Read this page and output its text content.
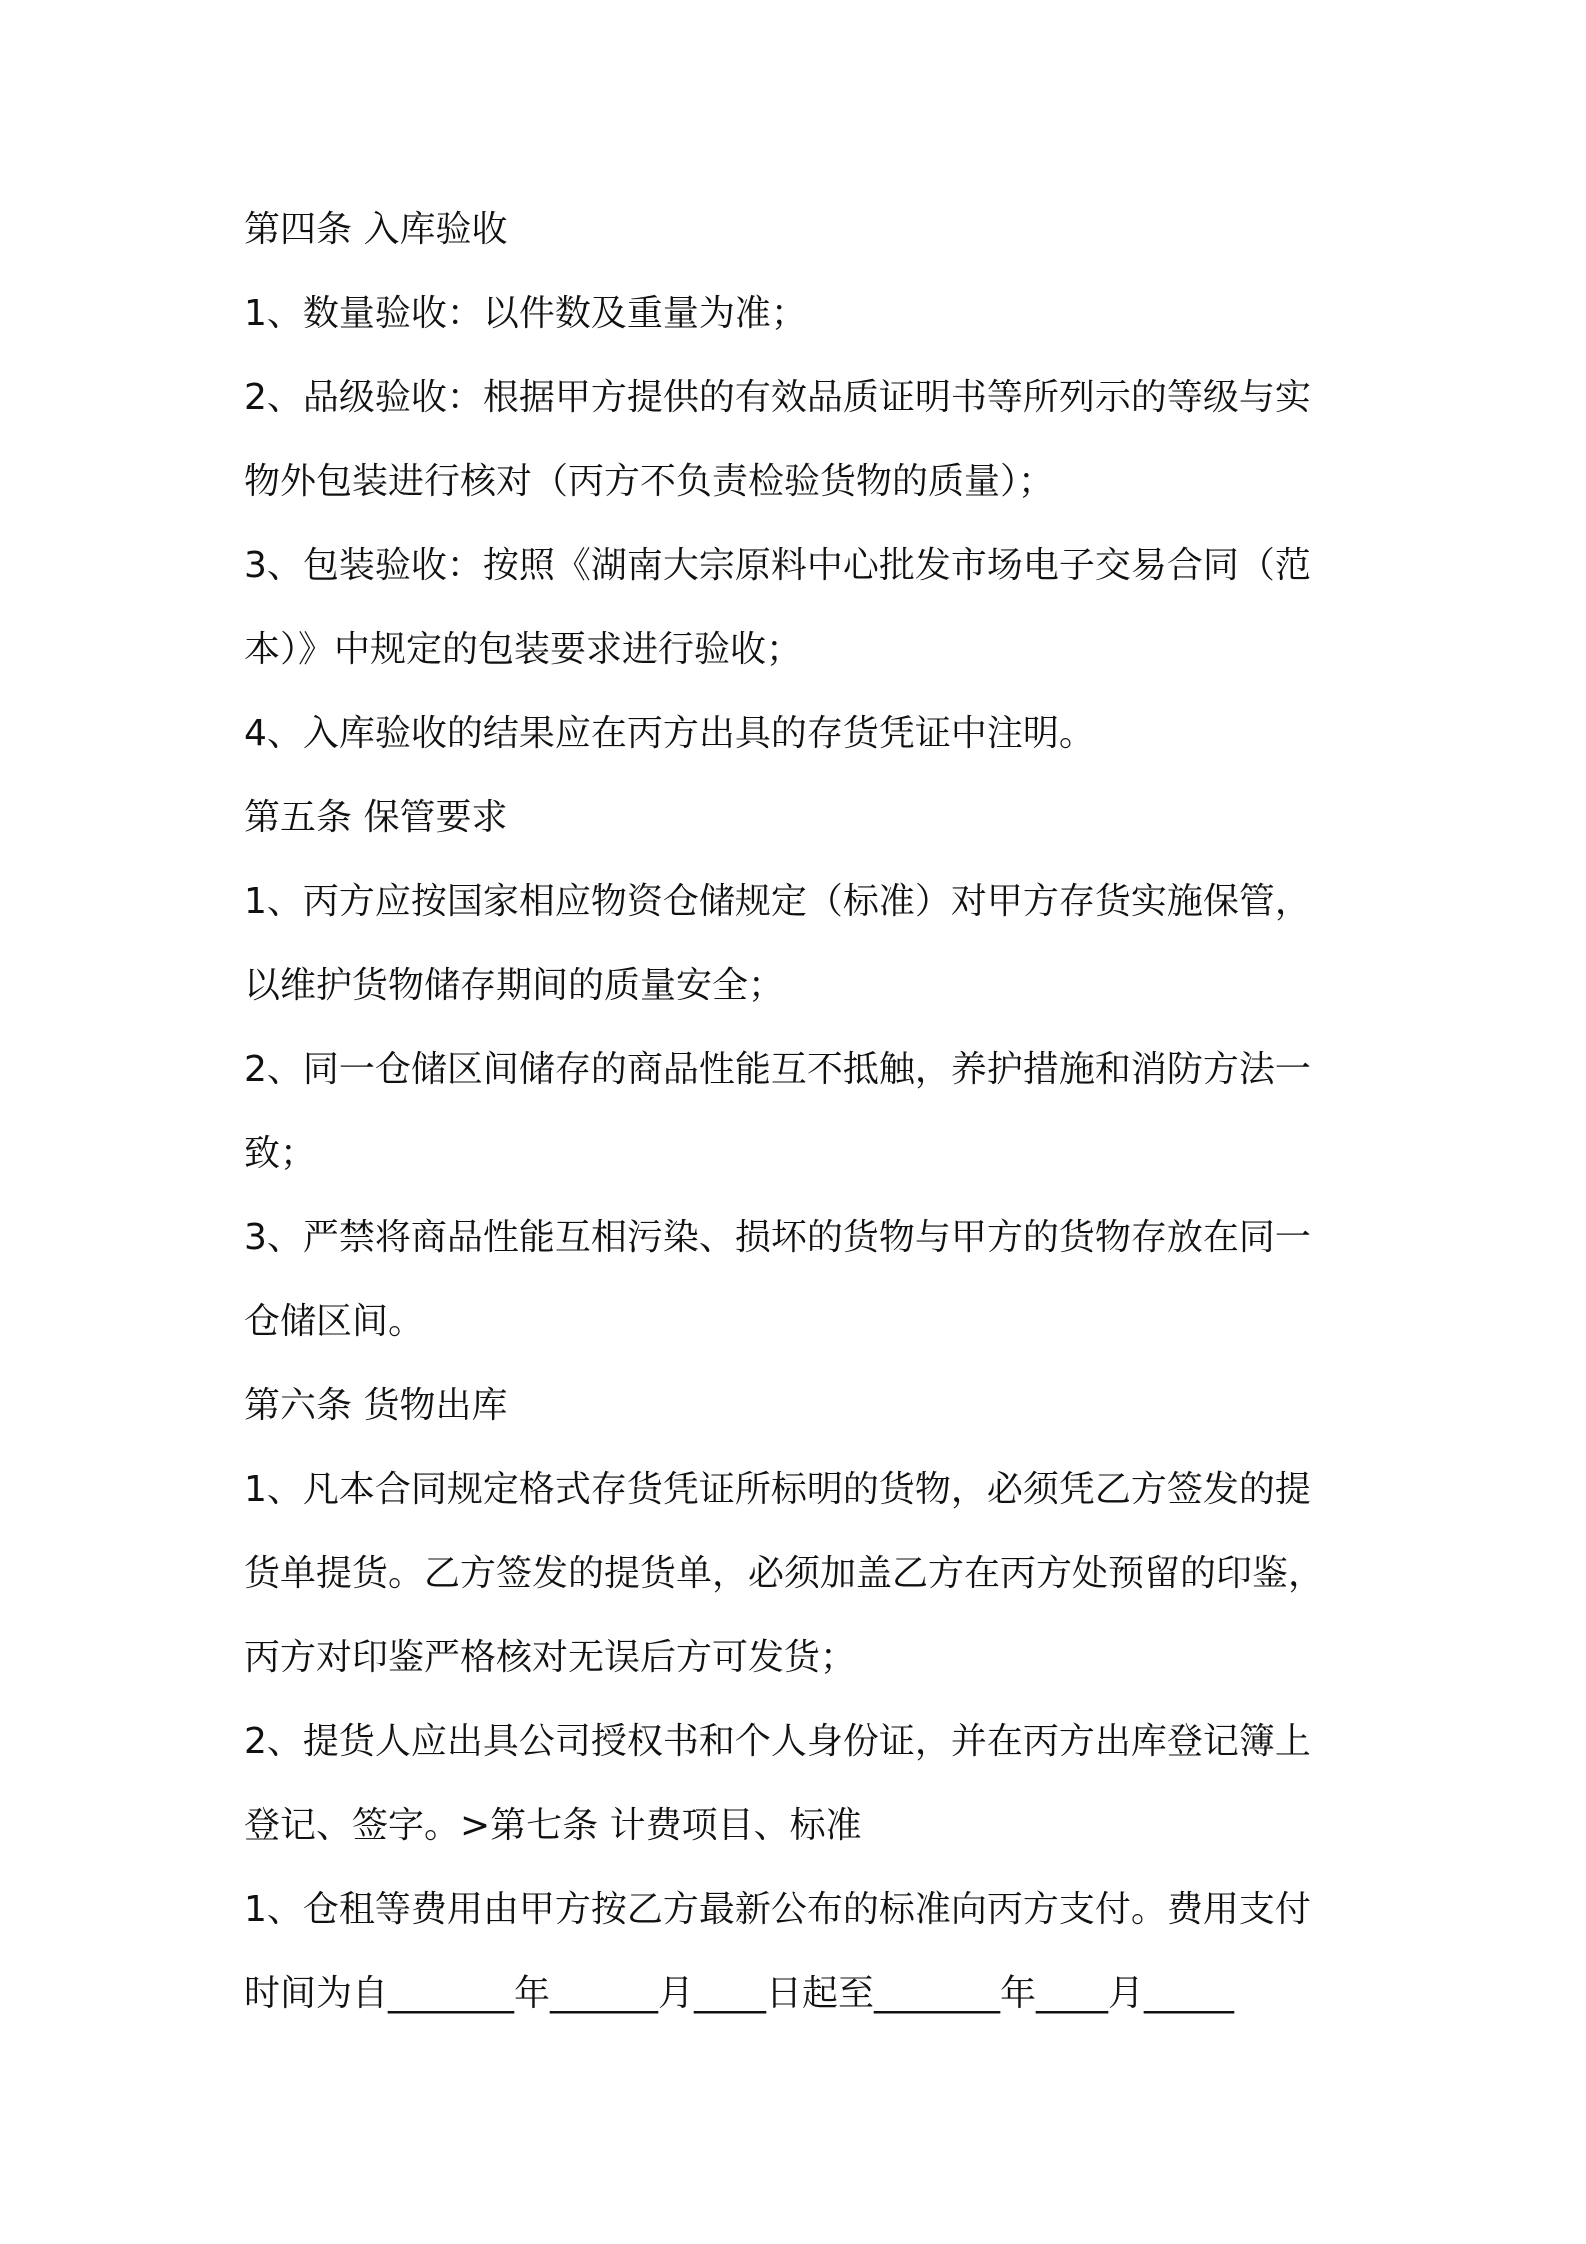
第四条 入库验收
1、数量验收：以件数及重量为准；
2、品级验收：根据甲方提供的有效品质证明书等所列示的等级与实
物外包装进行核对（丙方不负责检验货物的质量）；
3、包装验收：按照《湖南大宗原料中心批发市场电子交易合同（范
本）》中规定的包装要求进行验收；
4、入库验收的结果应在丙方出具的存货凭证中注明。
第五条 保管要求
1、丙方应按国家相应物资仓储规定（标准）对甲方存货实施保管，
以维护货物储存期间的质量安全；
2、同一仓储区间储存的商品性能互不抵触，养护措施和消防方法一
致；
3、严禁将商品性能互相污染、损坏的货物与甲方的货物存放在同一
仓储区间。
第六条 货物出库
1、凡本合同规定格式存货凭证所标明的货物，必须凭乙方签发的提
货单提货。乙方签发的提货单，必须加盖乙方在丙方处预留的印鉴，
丙方对印鉴严格核对无误后方可发货；
2、提货人应出具公司授权书和个人身份证，并在丙方出库登记簿上
登记、签字。>第七条 计费项目、标准
1、仓租等费用由甲方按乙方最新公布的标准向丙方支付。费用支付
时间为自_______年______月____日起至_______年____月_____
